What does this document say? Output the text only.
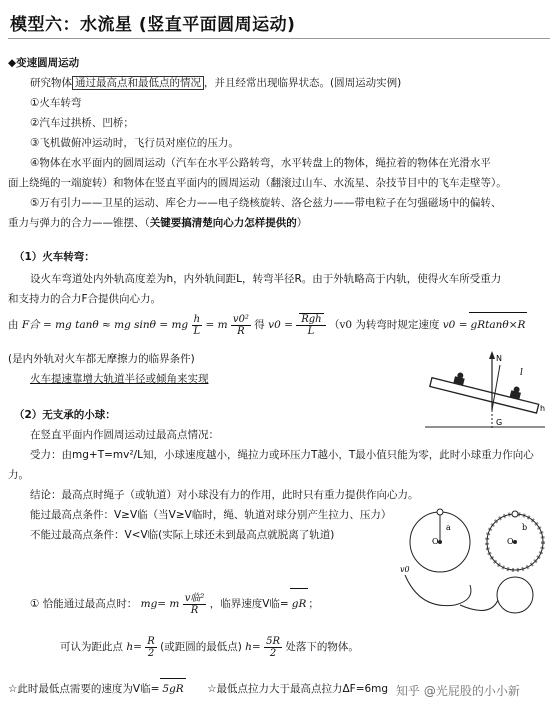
模型六：水流星 (竖直平面圆周运动)
◆变速圆周运动
研究物体 通过最高点和最低点的情况 ，并且经常出现临界状态。(圆周运动实例)
①火车转弯
②汽车过拱桥、凹桥；
③飞机做俯冲运动时，飞行员对座位的压力。
④物体在水平面内的圆周运动（汽车在水平公路转弯，水平转盘上的物体，绳拉着的物体在光滑水平
面上绕绳的一端旋转）和物体在竖直平面内的圆周运动（翻滚过山车、水流星、杂技节目中的飞车走壁等）。
⑤万有引力——卫星的运动、库仑力——电子绕核旋转、洛仑兹力——带电粒子在匀强磁场中的偏转、
重力与弹力的合力——锥摆、（关键要搞清楚向心力怎样提供的）
（1）火车转弯：
设火车弯道处内外轨高度差为h，内外轨间距L，转弯半径R。由于外轨略高于内轨，使得火车所受重力
和支持力的合力F合提供向心力。
由 F合 = mg tanθ ≈ mg sinθ = mg $\frac{h}{L} = m \frac{\text{v0²}}{R}$ 得 $v0 = \frac{\text{Rgh}}{L} (v0$ 为转弯时规定速度 v0 = gRtanθ×R
(是内外轨对火车都无摩擦力的临界条件)
火车提速靠增大轨道半径或倾角来实现
N
G
h
l
（2）无支承的小球：
在竖直平面内作圆周运动过最高点情况：
受力：由mg+T=mv²/L知，小球速度越小，绳拉力或环压力T越小，T最小值只能为零，此时小球重力作向心
力。
结论：最高点时绳子（或轨道）对小球没有力的作用，此时只有重力提供作向心力。
能过最高点条件：V≥V临（当V≥V临时，绳、轨道对球分别产生拉力、压力）
不能过最高点条件：V<V临(实际上球还未到最高点就脱离了轨道)
O
a
O
b
v0
① 恰能通过最高点时： mg= m $\frac{\text{v临²}}{R}$ ，临界速度V临= gR ；
可认为距此点 $h= \frac{R}{2}$ (或距圆的最低点) $h= \frac{5R}{2}$ 处落下的物体。
☆此时最低点需要的速度为V临= 5gR ☆最低点拉力大于最高点拉力ΔF=6mg 知乎 @光屁股的小小新
